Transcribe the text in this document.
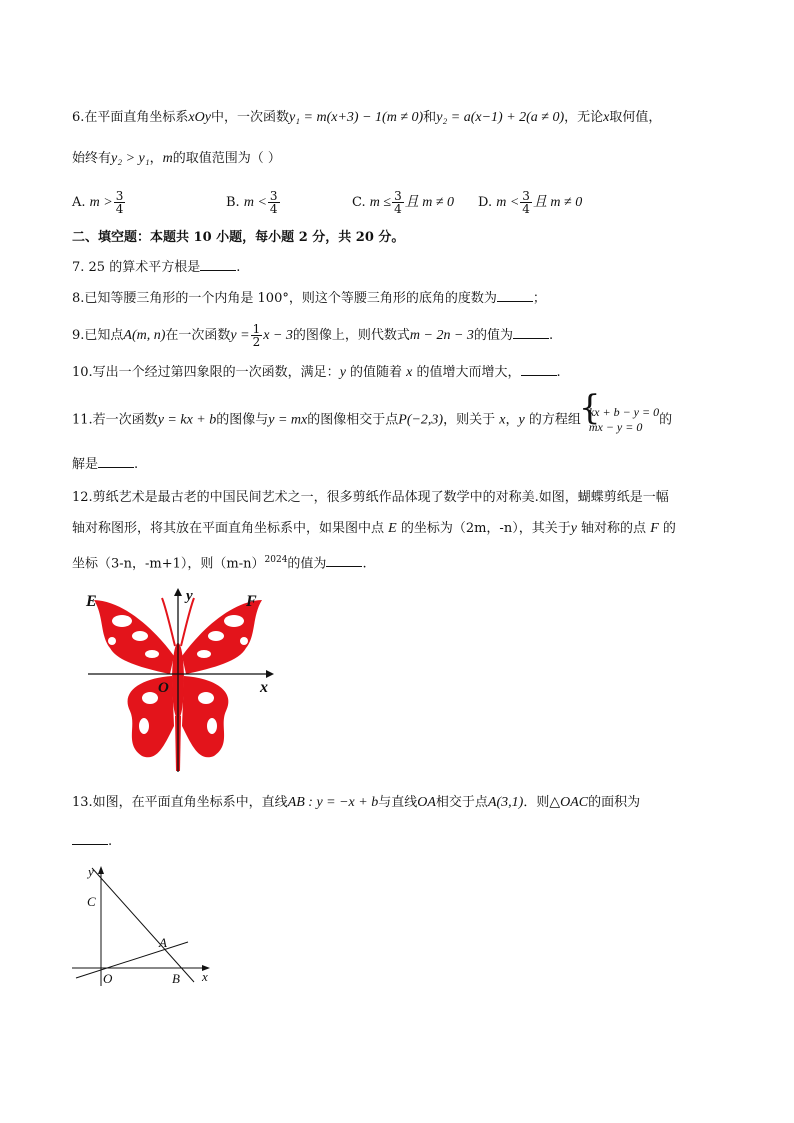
6.在平面直角坐标系xOy中，一次函数y₁ = m(x+3) − 1(m ≠ 0)和y₂ = a(x−1) + 2(a ≠ 0)，无论x取何值，
始终有y₂ > y₁，m的取值范围为（ ）
A. $m > \frac{3}{4}$	B. $m < \frac{3}{4}$	C. $m \le \frac{3}{4}$ 且 m ≠ 0 D. $m < \frac{3}{4}$ 且 m ≠ 0
二、填空题：本题共 10 小题，每小题 2 分，共 20 分。
7. 25 的算术平方根是	.
8.已知等腰三角形的一个内角是 100°，则这个等腰三角形的底角的度数为	；
9.已知点A(m, n)在一次函数$y = \frac{1}{2}$ x − 3的图像上，则代数式m − 2n − 3的值为	.
10.写出一个经过第四象限的一次函数，满足：y 的值随着 x 的值增大而增大，	.
11.若一次函数y = kx + b的图像与y = mx的图像相交于点P(−2,3)，则关于 x，y 的方程组
{ kx + b − y = 0
mx − y = 0	的
解是	.
12.剪纸艺术是最古老的中国民间艺术之一，很多剪纸作品体现了数学中的对称美.如图，蝴蝶剪纸是一幅
轴对称图形，将其放在平面直角坐标系中，如果图中点 E 的坐标为（2m，-n），其关于y 轴对称的点 F 的
坐标（3-n，-m+1），则$(m-n)^{2024}$的值为	.
E	F
O	x
y
13.如图，在平面直角坐标系中，直线AB : y = −x + b与直线OA相交于点A(3,1)．则△OAC的面积为
.
y
C
A
O	B x
